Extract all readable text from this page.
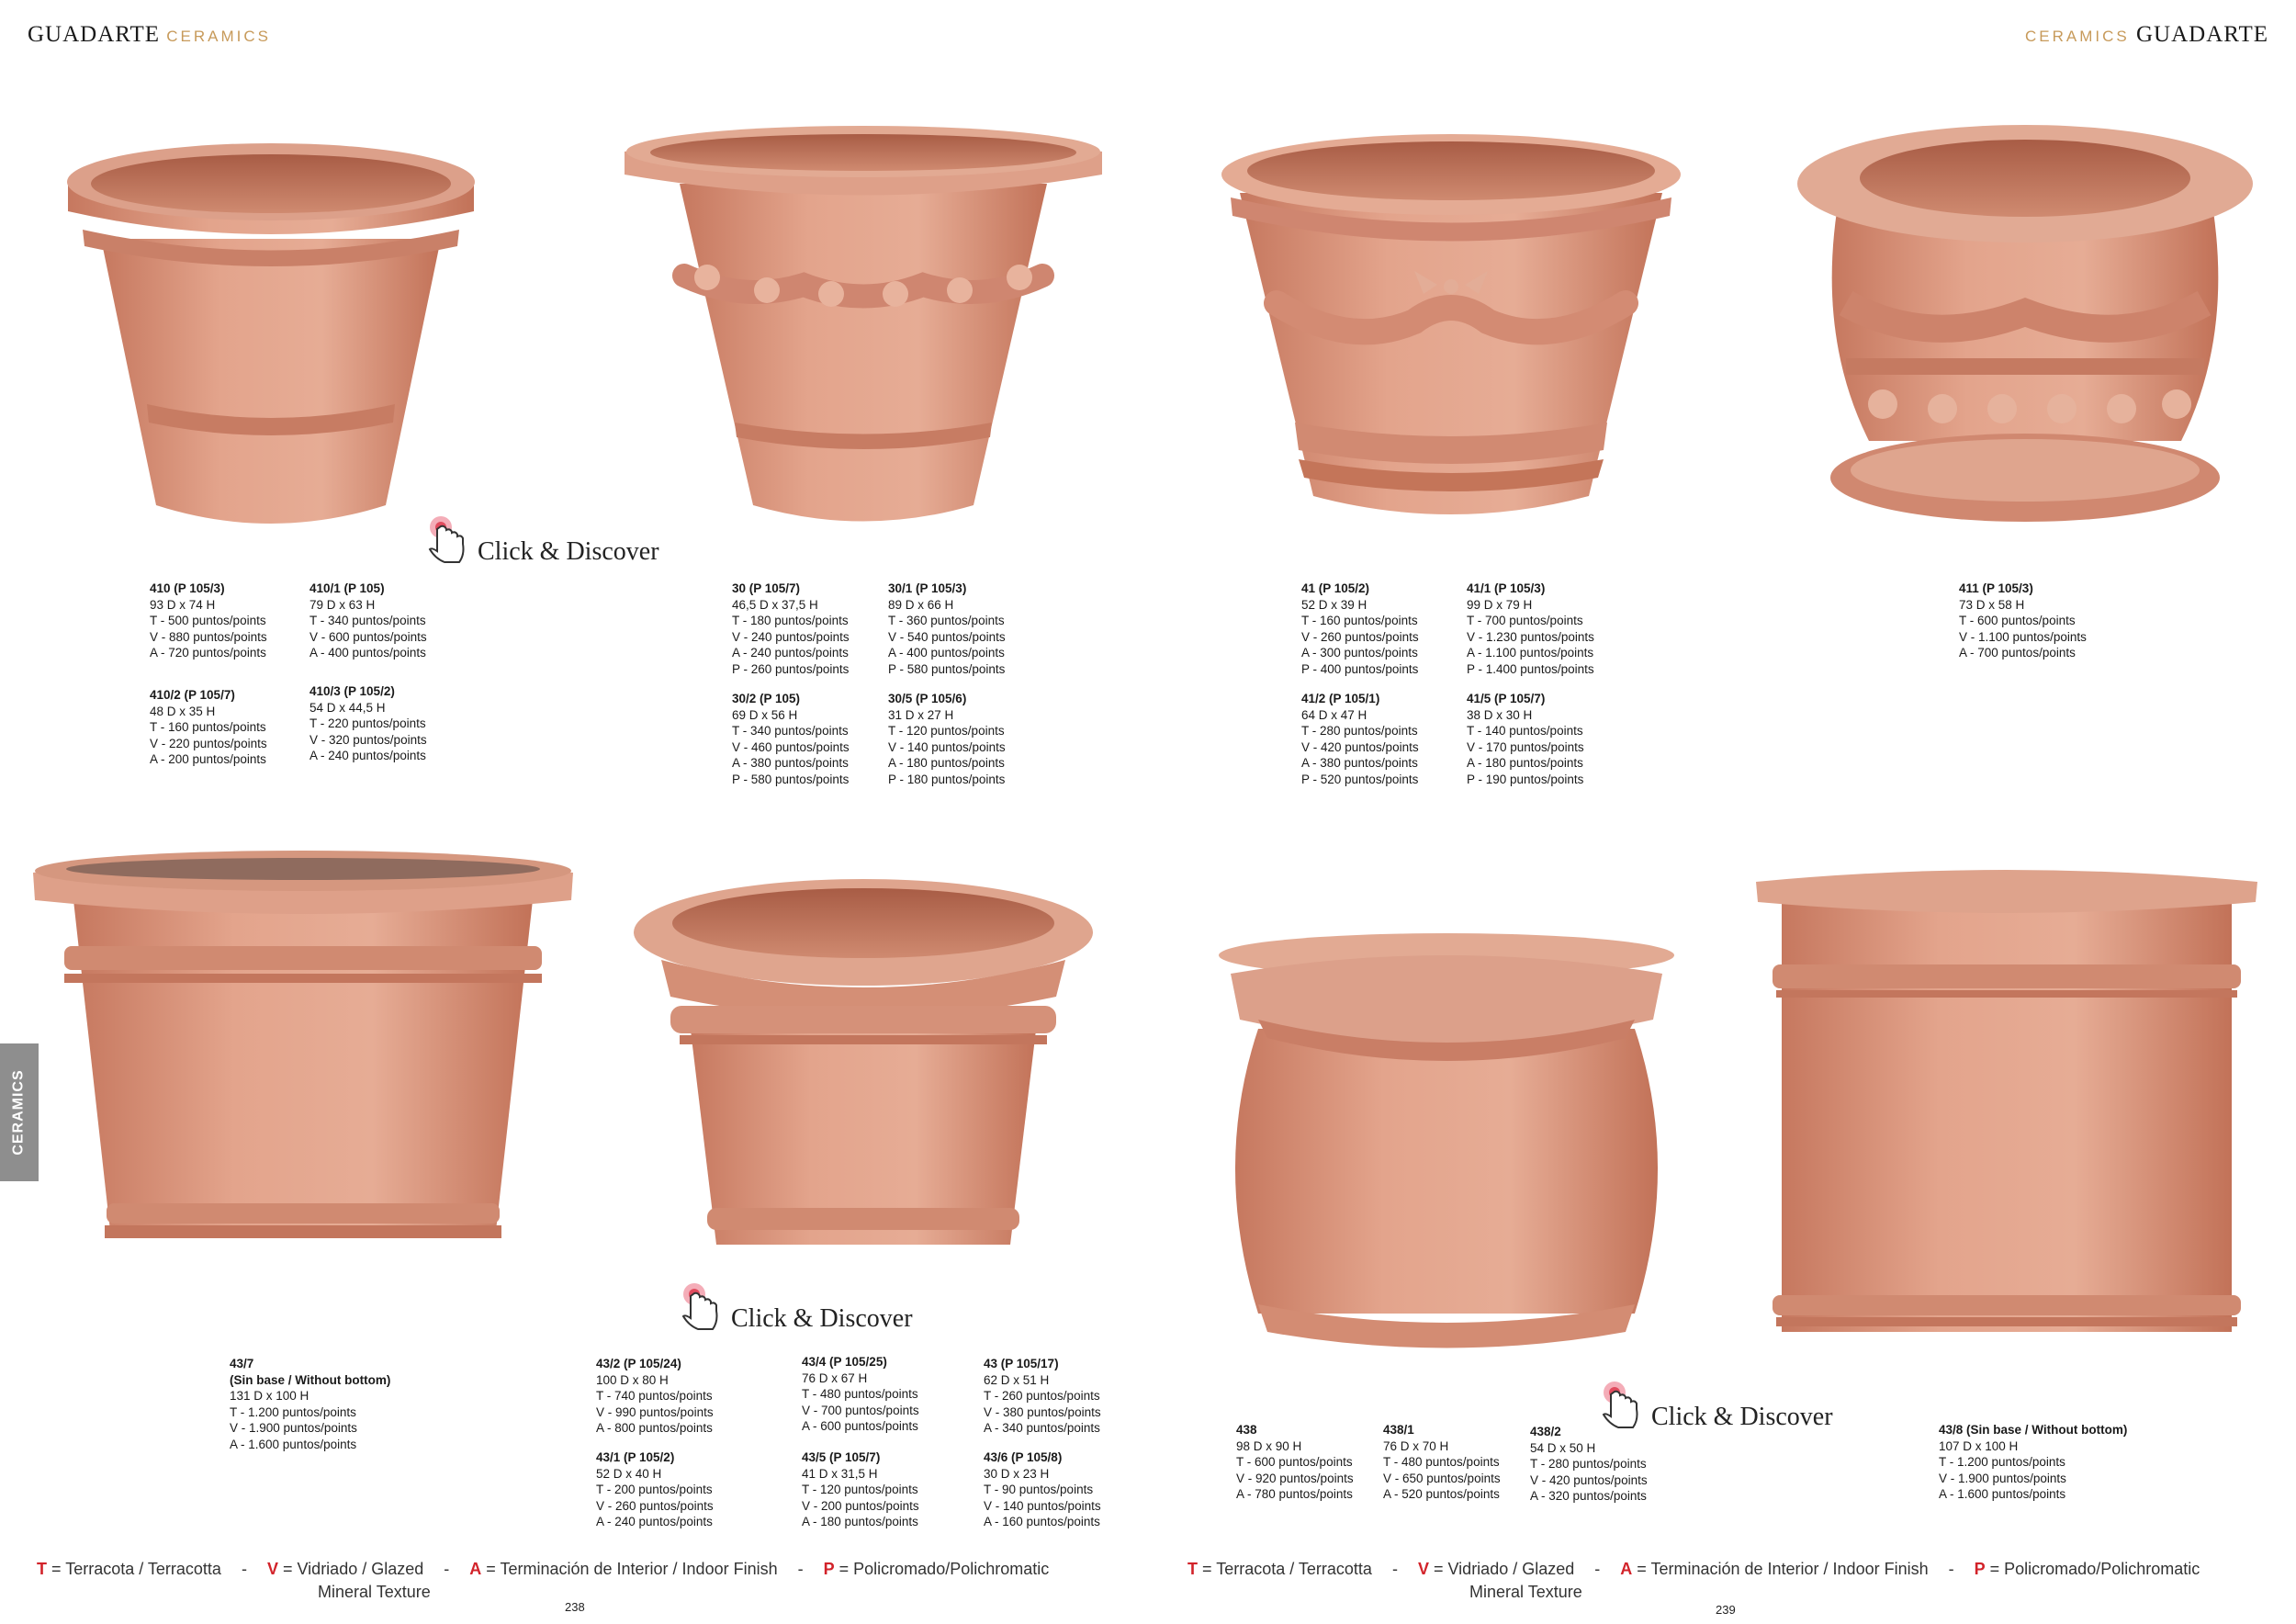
GUADARTE CERAMICS	CERAMICS GUADARTE
CERAMICS
Click & Discover
Click & Discover
Click & Discover
410 (P 105/3)
93 D x 74 H
T - 500 puntos/points
V - 880 puntos/points
A - 720 puntos/points
410/1 (P 105)
79 D x 63 H
T - 340 puntos/points
V - 600 puntos/points
A - 400 puntos/points
410/2 (P 105/7)
48 D x 35 H
T - 160 puntos/points
V - 220 puntos/points
A - 200 puntos/points
410/3 (P 105/2)
54 D x 44,5 H
T - 220 puntos/points
V - 320 puntos/points
A - 240 puntos/points
30 (P 105/7)
46,5 D x 37,5 H
T - 180 puntos/points
V - 240 puntos/points
A - 240 puntos/points
P - 260 puntos/points
30/1 (P 105/3)
89 D x 66 H
T - 360 puntos/points
V - 540 puntos/points
A - 400 puntos/points
P - 580 puntos/points
30/2 (P 105)
69 D x 56 H
T - 340 puntos/points
V - 460 puntos/points
A - 380 puntos/points
P - 580 puntos/points
30/5 (P 105/6)
31 D x 27 H
T - 120 puntos/points
V - 140 puntos/points
A - 180 puntos/points
P - 180 puntos/points
41 (P 105/2)
52 D x 39 H
T - 160 puntos/points
V - 260 puntos/points
A - 300 puntos/points
P - 400 puntos/points
41/1 (P 105/3)
99 D x 79 H
T - 700 puntos/points
V - 1.230 puntos/points
A - 1.100 puntos/points
P - 1.400 puntos/points
41/2 (P 105/1)
64 D x 47 H
T - 280 puntos/points
V - 420 puntos/points
A - 380 puntos/points
P - 520 puntos/points
41/5 (P 105/7)
38 D x 30 H
T - 140 puntos/points
V - 170 puntos/points
A - 180 puntos/points
P - 190 puntos/points
411 (P 105/3)
73 D x 58 H
T - 600 puntos/points
V - 1.100 puntos/points
A - 700 puntos/points
43/7
(Sin base / Without bottom)
131 D x 100 H
T - 1.200 puntos/points
V - 1.900 puntos/points
A - 1.600 puntos/points
43/2 (P 105/24)
100 D x 80 H
T - 740 puntos/points
V - 990 puntos/points
A - 800 puntos/points
43/4 (P 105/25)
76 D x 67 H
T - 480 puntos/points
V - 700 puntos/points
A - 600 puntos/points
43 (P 105/17)
62 D x 51 H
T - 260 puntos/points
V - 380 puntos/points
A - 340 puntos/points
43/1 (P 105/2)
52 D x 40 H
T - 200 puntos/points
V - 260 puntos/points
A - 240 puntos/points
43/5 (P 105/7)
41 D x 31,5 H
T - 120 puntos/points
V - 200 puntos/points
A - 180 puntos/points
43/6 (P 105/8)
30 D x 23 H
T - 90 puntos/points
V - 140 puntos/points
A - 160 puntos/points
438
98 D x 90 H
T - 600 puntos/points
V - 920 puntos/points
A - 780 puntos/points
438/1
76 D x 70 H
T - 480 puntos/points
V - 650 puntos/points
A - 520 puntos/points
438/2
54 D x 50 H
T - 280 puntos/points
V - 420 puntos/points
A - 320 puntos/points
43/8 (Sin base / Without bottom)
107 D x 100 H
T - 1.200 puntos/points
V - 1.900 puntos/points
A - 1.600 puntos/points
T = Terracota / Terracotta - V = Vidriado / Glazed - A = Terminación de Interior / Indoor Finish - P = Policromado/Polichromatic
Mineral Texture
238
T = Terracota / Terracotta - V = Vidriado / Glazed - A = Terminación de Interior / Indoor Finish - P = Policromado/Polichromatic
Mineral Texture
239
